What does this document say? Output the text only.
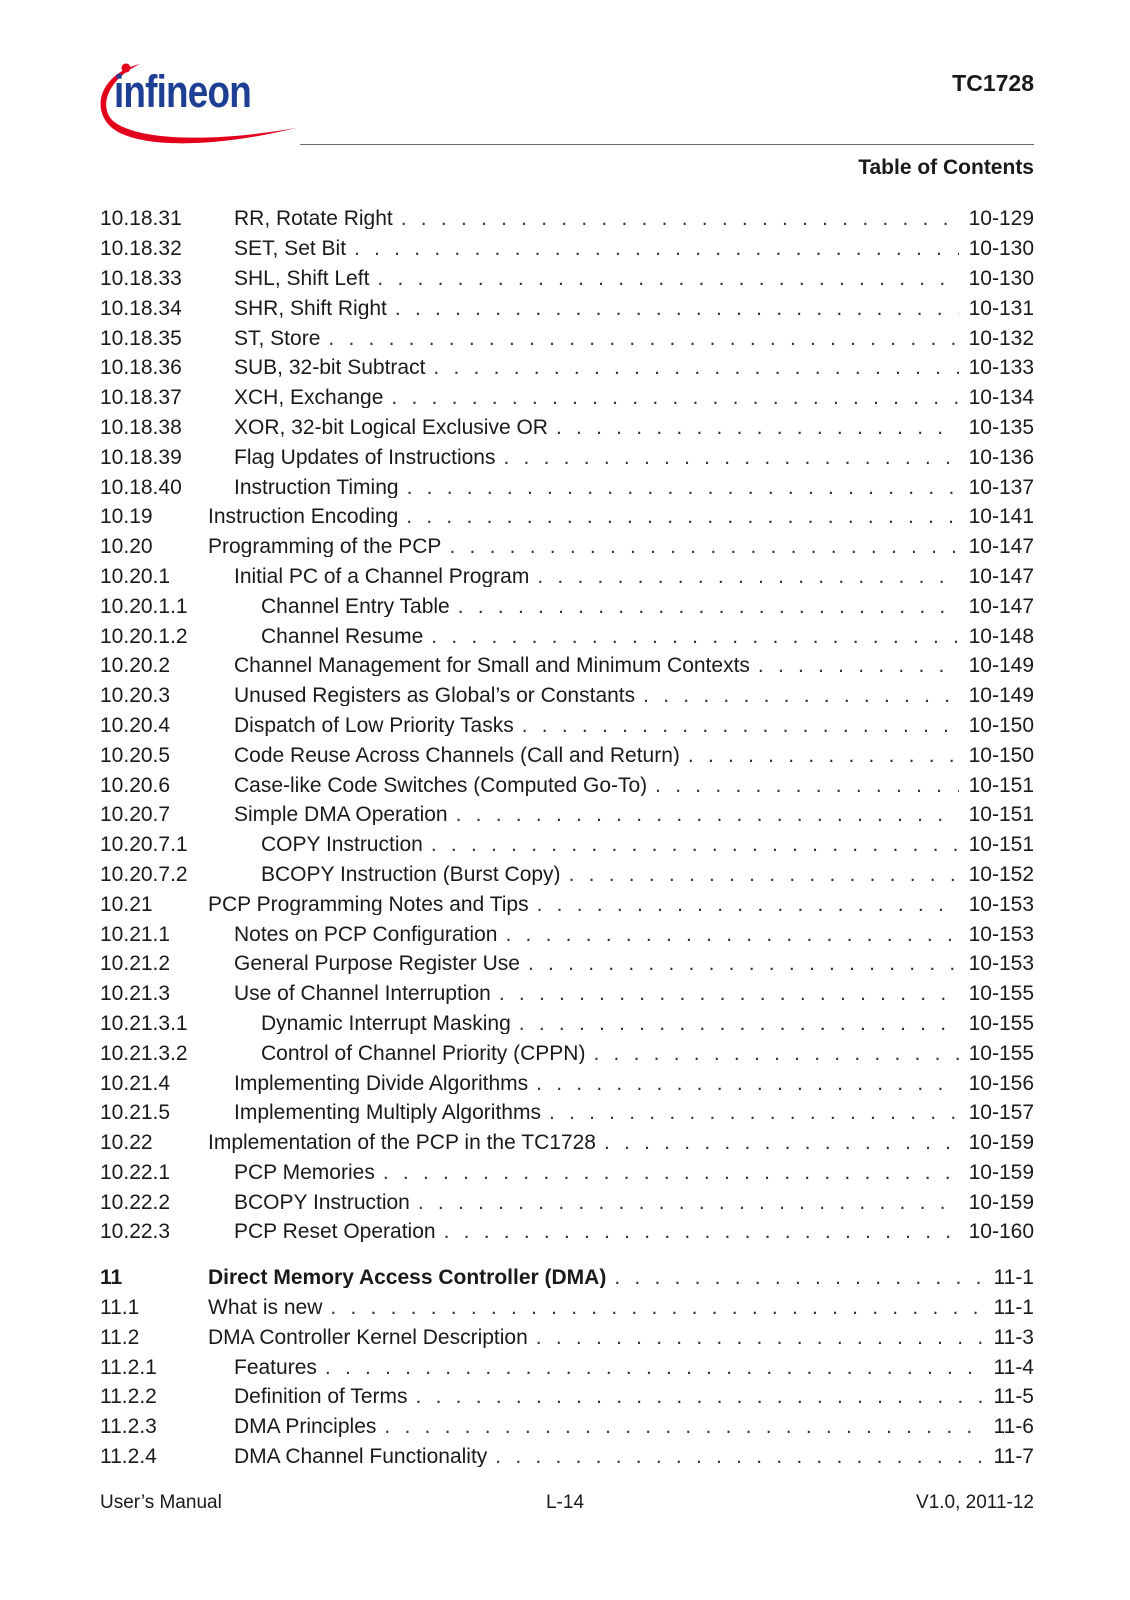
infineon	TC1728
Table of Contents
10.18.31	RR, Rotate Right . . .	10-129
10.18.32	SET, Set Bit . . .	10-130
10.18.33	SHL, Shift Left . . .	10-130
10.18.34	SHR, Shift Right . . .	10-131
10.18.35	ST, Store . . .	10-132
10.18.36	SUB, 32-bit Subtract . . .	10-133
10.18.37	XCH, Exchange . . .	10-134
10.18.38	XOR, 32-bit Logical Exclusive OR . . .	10-135
10.18.39	Flag Updates of Instructions . . .	10-136
10.18.40	Instruction Timing . . .	10-137
10.19	Instruction Encoding . . .	10-141
10.20	Programming of the PCP . . .	10-147
10.20.1	Initial PC of a Channel Program . . .	10-147
10.20.1.1	Channel Entry Table . . .	10-147
10.20.1.2	Channel Resume . . .	10-148
10.20.2	Channel Management for Small and Minimum Contexts . . .	10-149
10.20.3	Unused Registers as Global’s or Constants . . .	10-149
10.20.4	Dispatch of Low Priority Tasks . . .	10-150
10.20.5	Code Reuse Across Channels (Call and Return) . . .	10-150
10.20.6	Case-like Code Switches (Computed Go-To) . . .	10-151
10.20.7	Simple DMA Operation . . .	10-151
10.20.7.1	COPY Instruction . . .	10-151
10.20.7.2	BCOPY Instruction (Burst Copy) . . .	10-152
10.21	PCP Programming Notes and Tips . . .	10-153
10.21.1	Notes on PCP Configuration . . .	10-153
10.21.2	General Purpose Register Use . . .	10-153
10.21.3	Use of Channel Interruption . . .	10-155
10.21.3.1	Dynamic Interrupt Masking . . .	10-155
10.21.3.2	Control of Channel Priority (CPPN) . . .	10-155
10.21.4	Implementing Divide Algorithms . . .	10-156
10.21.5	Implementing Multiply Algorithms . . .	10-157
10.22	Implementation of the PCP in the TC1728 . . .	10-159
10.22.1	PCP Memories . . .	10-159
10.22.2	BCOPY Instruction . . .	10-159
10.22.3	PCP Reset Operation . . .	10-160
11	Direct Memory Access Controller (DMA) . . .	11-1
11.1	What is new . . .	11-1
11.2	DMA Controller Kernel Description . . .	11-3
11.2.1	Features . . .	11-4
11.2.2	Definition of Terms . . .	11-5
11.2.3	DMA Principles . . .	11-6
11.2.4	DMA Channel Functionality . . .	11-7
User’s Manual	L-14	V1.0, 2011-12
